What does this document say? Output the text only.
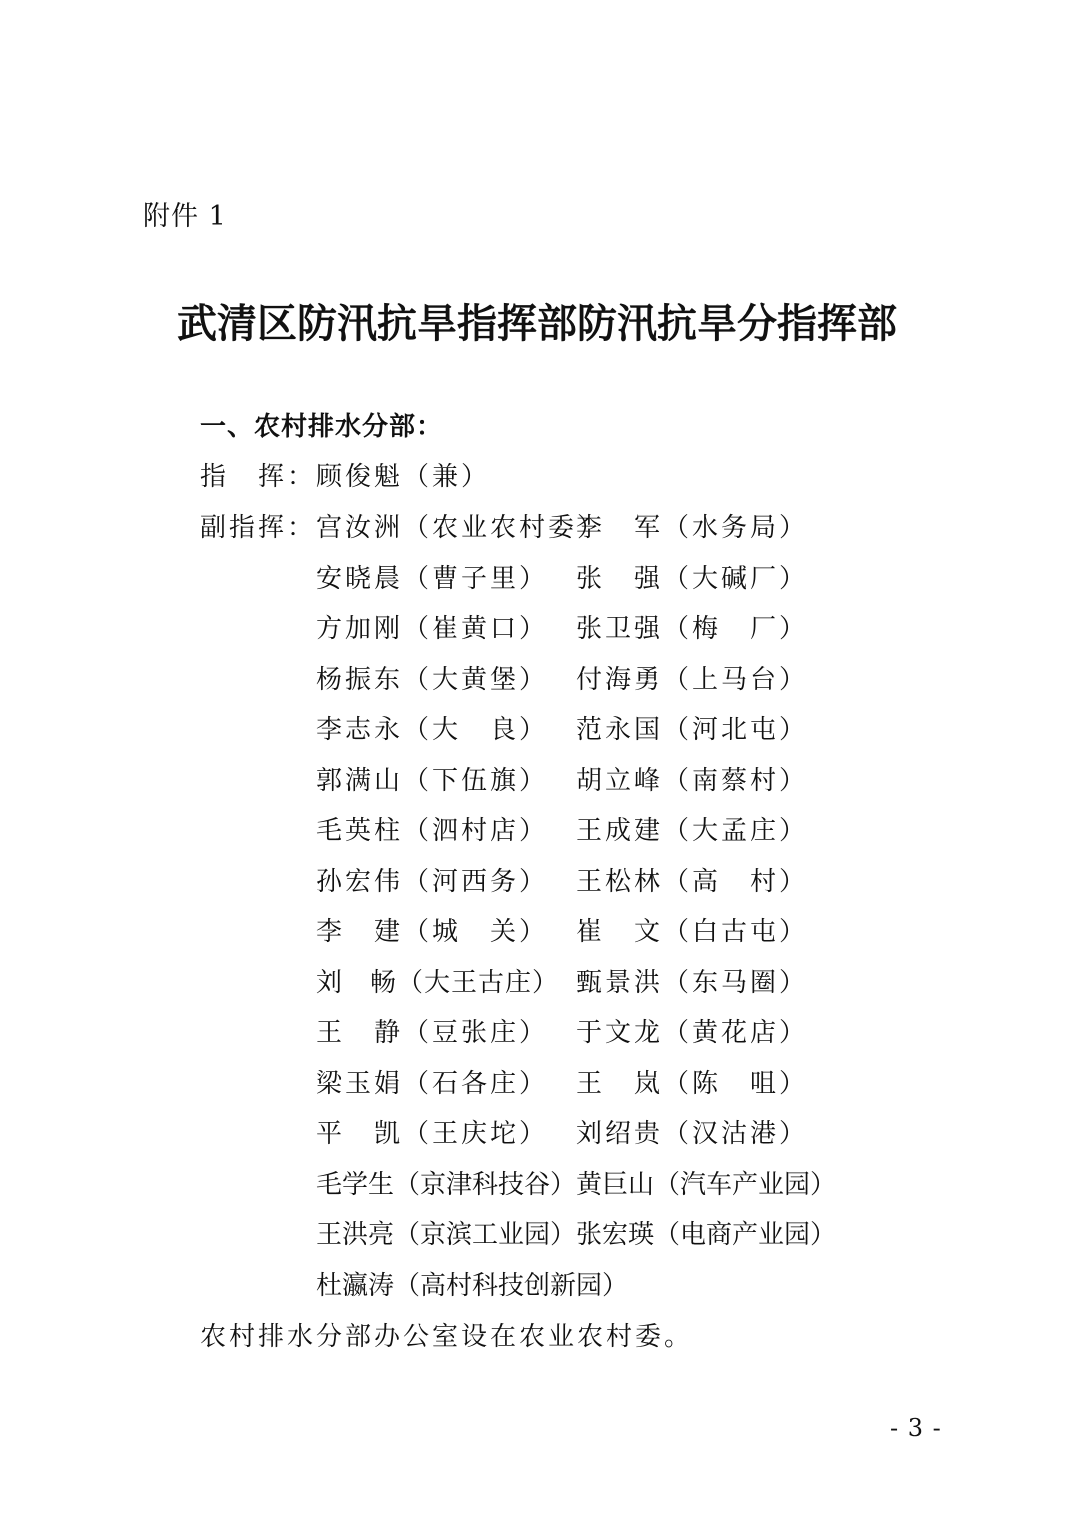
附件 1
武清区防汛抗旱指挥部防汛抗旱分指挥部
一、农村排水分部：
指　挥： 顾俊魁（兼）
副指挥： 宫汝洲（农业农村委）
李　军（水务局）
安晓晨（曹子里） 张　强（大碱厂）
方加刚（崔黄口） 张卫强（梅　厂）
杨振东（大黄堡） 付海勇（上马台）
李志永（大　良） 范永国（河北屯）
郭满山（下伍旗） 胡立峰（南蔡村）
毛英柱（泗村店） 王成建（大孟庄）
孙宏伟（河西务） 王松林（高　村）
李　建（城　关） 崔　文（白古屯）
刘　畅（大王古庄） 甄景洪（东马圈）
王　静（豆张庄） 于文龙（黄花店）
梁玉娟（石各庄） 王　岚（陈　咀）
平　凯（王庆坨） 刘绍贵（汉沽港）
毛学生（京津科技谷） 黄巨山（汽车产业园）
王洪亮（京滨工业园） 张宏瑛（电商产业园）
杜瀛涛（高村科技创新园）
农村排水分部办公室设在农业农村委。
- 3 -
